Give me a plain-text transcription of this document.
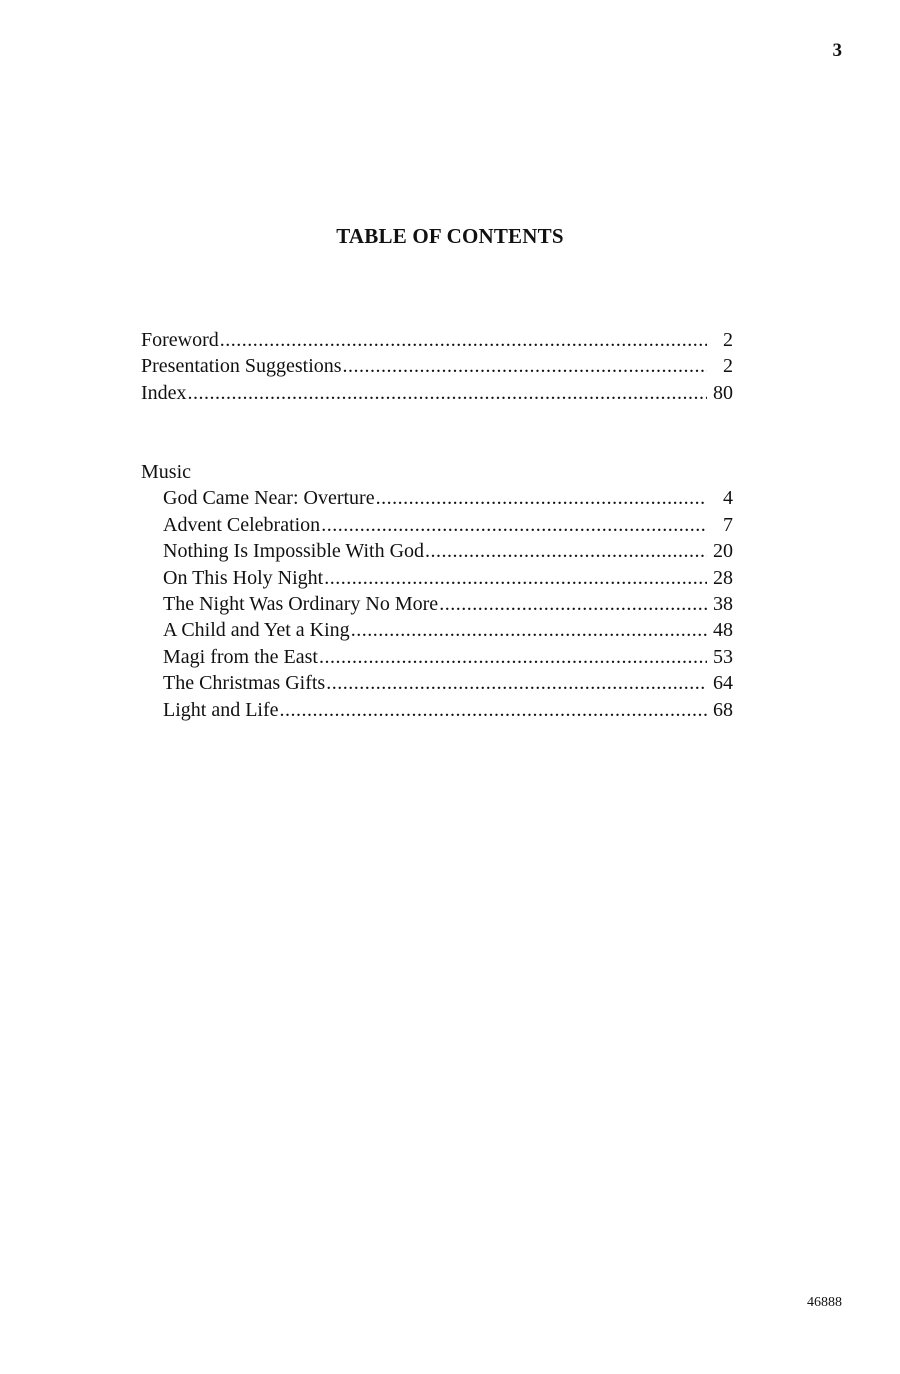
3
TABLE OF CONTENTS
Foreword .....	2
Presentation Suggestions .....	2
Index .....	80
Music
God Came Near: Overture .....	4
Advent Celebration .....	7
Nothing Is Impossible With God .....	20
On This Holy Night .....	28
The Night Was Ordinary No More .....	38
A Child and Yet a King .....	48
Magi from the East .....	53
The Christmas Gifts .....	64
Light and Life .....	68
46888
